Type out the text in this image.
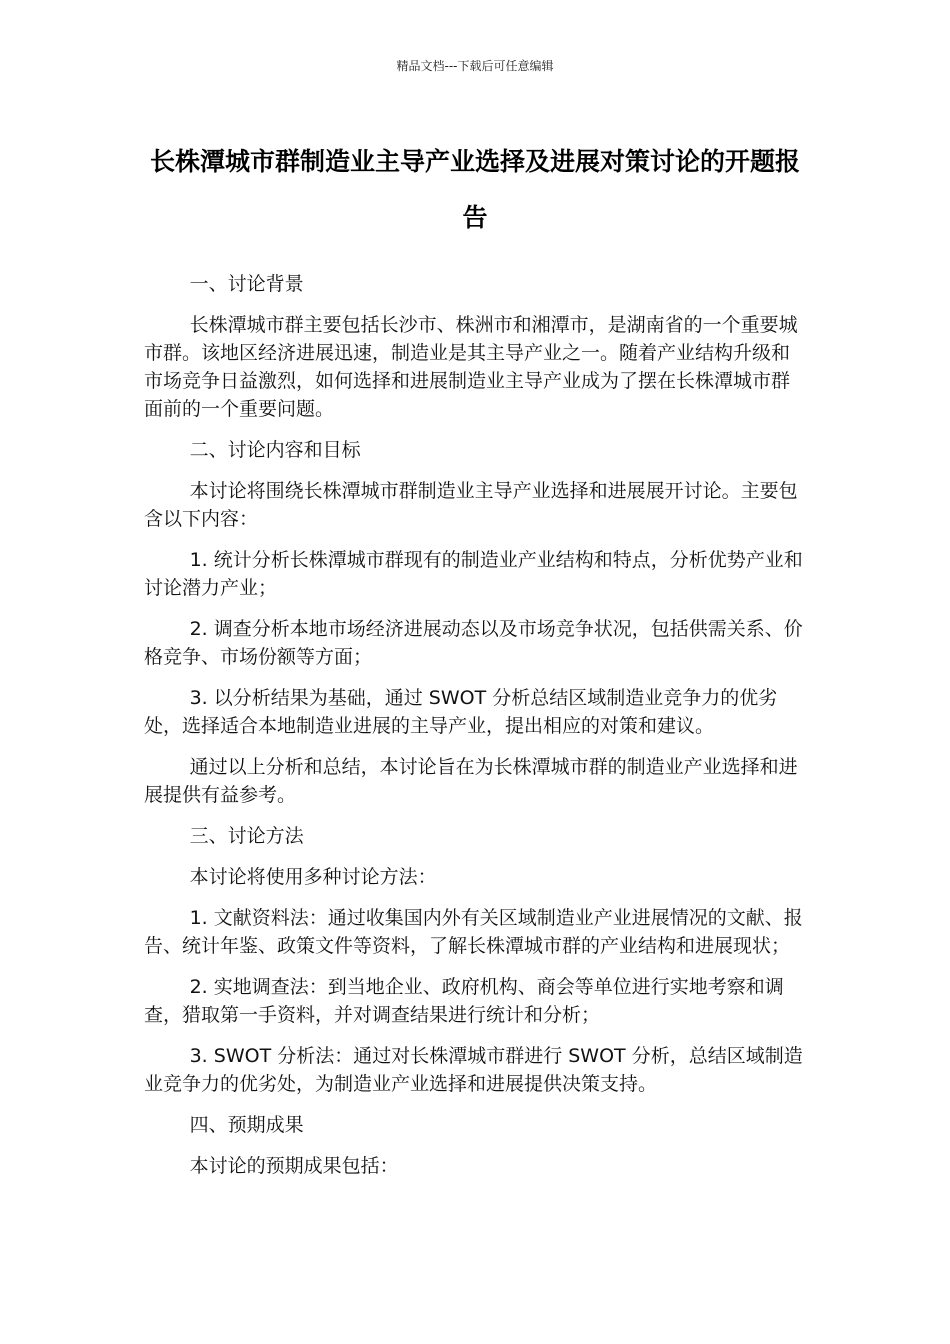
精品文档---下载后可任意编辑
长株潭城市群制造业主导产业选择及进展对策讨论的开题报告

一、讨论背景

长株潭城市群主要包括长沙市、株洲市和湘潭市，是湖南省的一个重要城市群。该地区经济进展迅速，制造业是其主导产业之一。随着产业结构升级和市场竞争日益激烈，如何选择和进展制造业主导产业成为了摆在长株潭城市群面前的一个重要问题。

二、讨论内容和目标

本讨论将围绕长株潭城市群制造业主导产业选择和进展展开讨论。主要包含以下内容：

1. 统计分析长株潭城市群现有的制造业产业结构和特点，分析优势产业和讨论潜力产业；

2. 调查分析本地市场经济进展动态以及市场竞争状况，包括供需关系、价格竞争、市场份额等方面；

3. 以分析结果为基础，通过 SWOT 分析总结区域制造业竞争力的优劣处，选择适合本地制造业进展的主导产业，提出相应的对策和建议。

通过以上分析和总结，本讨论旨在为长株潭城市群的制造业产业选择和进展提供有益参考。

三、讨论方法

本讨论将使用多种讨论方法：

1. 文献资料法：通过收集国内外有关区域制造业产业进展情况的文献、报告、统计年鉴、政策文件等资料，了解长株潭城市群的产业结构和进展现状；

2. 实地调查法：到当地企业、政府机构、商会等单位进行实地考察和调查，猎取第一手资料，并对调查结果进行统计和分析；

3. SWOT 分析法：通过对长株潭城市群进行 SWOT 分析，总结区域制造业竞争力的优劣处，为制造业产业选择和进展提供决策支持。

四、预期成果

本讨论的预期成果包括：
